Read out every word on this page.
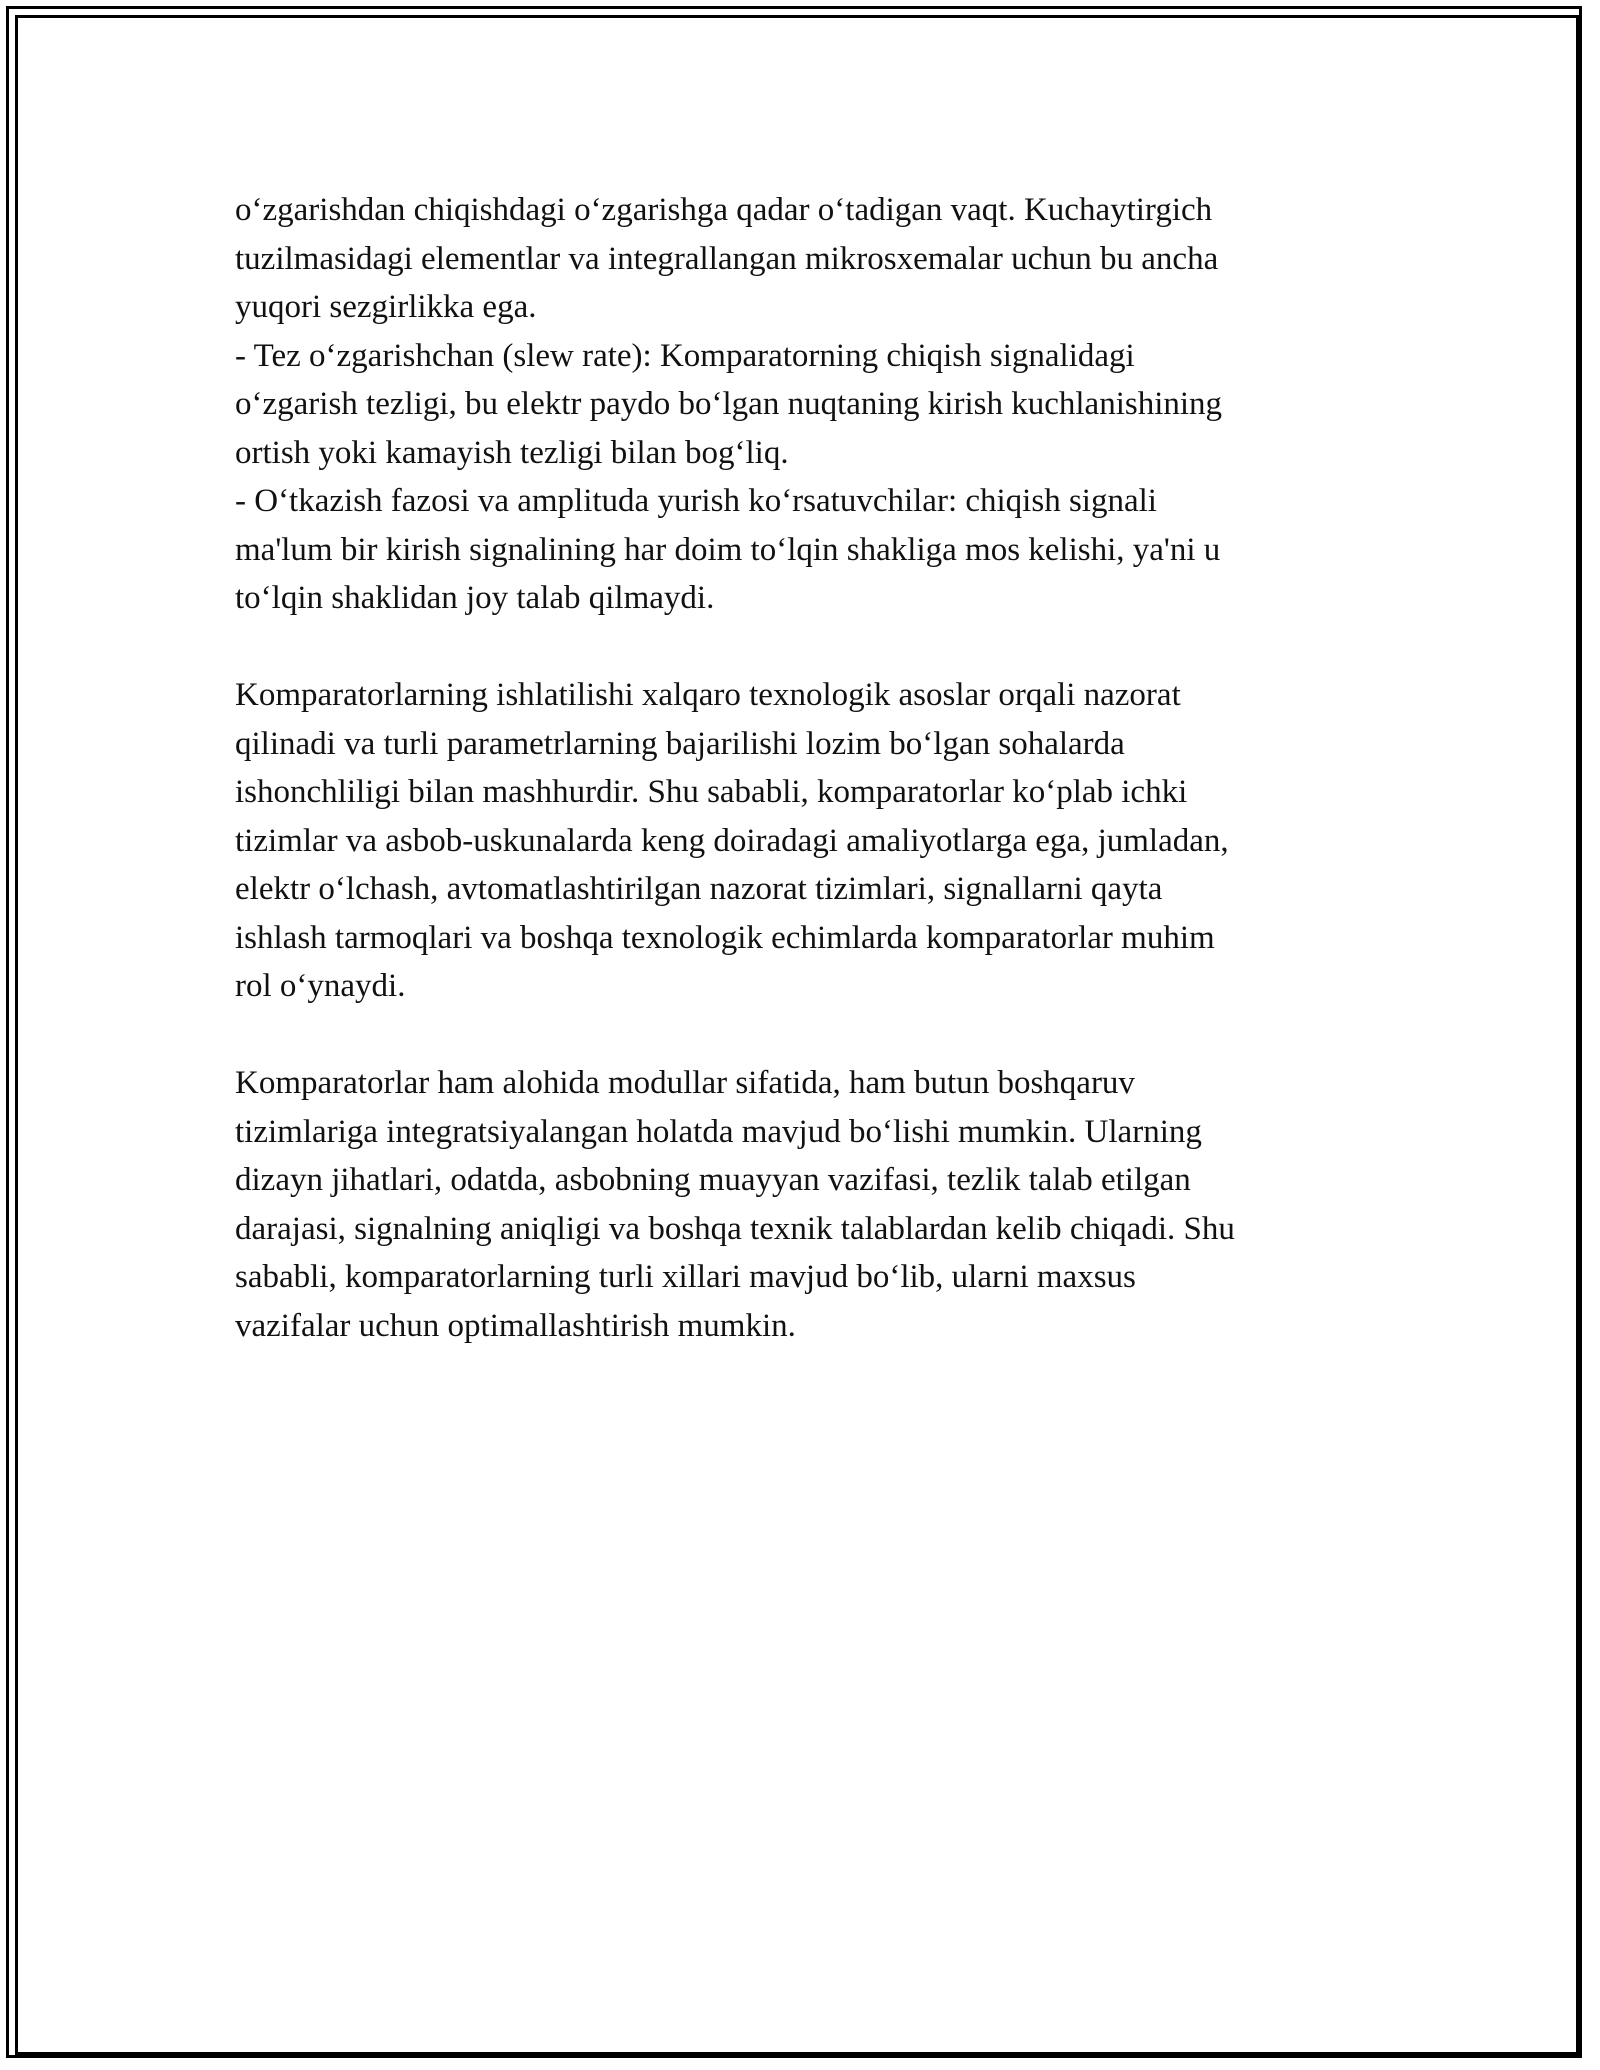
o‘zgarishdan chiqishdagi o‘zgarishga qadar o‘tadigan vaqt. Kuchaytirgich
tuzilmasidagi elementlar va integrallangan mikrosxemalar uchun bu ancha
yuqori sezgirlikka ega.
- Tez o‘zgarishchan (slew rate): Komparatorning chiqish signalidagi
o‘zgarish tezligi, bu elektr paydo bo‘lgan nuqtaning kirish kuchlanishining
ortish yoki kamayish tezligi bilan bog‘liq.
- O‘tkazish fazosi va amplituda yurish ko‘rsatuvchilar: chiqish signali
ma'lum bir kirish signalining har doim to‘lqin shakliga mos kelishi, ya'ni u
to‘lqin shaklidan joy talab qilmaydi.
Komparatorlarning ishlatilishi xalqaro texnologik asoslar orqali nazorat
qilinadi va turli parametrlarning bajarilishi lozim bo‘lgan sohalarda
ishonchliligi bilan mashhurdir. Shu sababli, komparatorlar ko‘plab ichki
tizimlar va asbob-uskunalarda keng doiradagi amaliyotlarga ega, jumladan,
elektr o‘lchash, avtomatlashtirilgan nazorat tizimlari, signallarni qayta
ishlash tarmoqlari va boshqa texnologik echimlarda komparatorlar muhim
rol o‘ynaydi.
Komparatorlar ham alohida modullar sifatida, ham butun boshqaruv
tizimlariga integratsiyalangan holatda mavjud bo‘lishi mumkin. Ularning
dizayn jihatlari, odatda, asbobning muayyan vazifasi, tezlik talab etilgan
darajasi, signalning aniqligi va boshqa texnik talablardan kelib chiqadi. Shu
sababli, komparatorlarning turli xillari mavjud bo‘lib, ularni maxsus
vazifalar uchun optimallashtirish mumkin.
